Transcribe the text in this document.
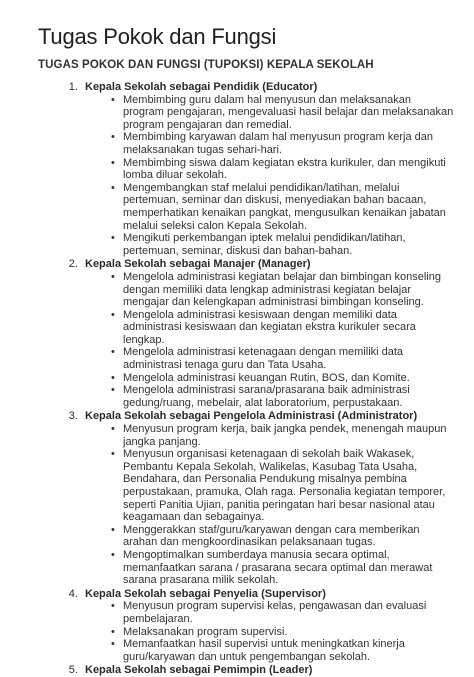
Tugas Pokok dan Fungsi
TUGAS POKOK DAN FUNGSI (TUPOKSI) KEPALA SEKOLAH
1. Kepala Sekolah sebagai Pendidik (Educator)
• Membimbing guru dalam hal menyusun dan melaksanakan program pengajaran, mengevaluasi hasil belajar dan melaksanakan program pengajaran dan remedial.
• Membimbing karyawan dalam hal menyusun program kerja dan melaksanakan tugas sehari-hari.
• Membimbing siswa dalam kegiatan ekstra kurikuler, dan mengikuti lomba diluar sekolah.
• Mengembangkan staf melalui pendidikan/latihan, melalui pertemuan, seminar dan diskusi, menyediakan bahan bacaan, memperhatikan kenaikan pangkat, mengusulkan kenaikan jabatan melalui seleksi calon Kepala Sekolah.
• Mengikuti perkembangan iptek melalui pendidikan/latihan, pertemuan, seminar, diskusi dan bahan-bahan.
2. Kepala Sekolah sebagai Manajer (Manager)
• Mengelola administrasi kegiatan belajar dan bimbingan konseling dengan memiliki data lengkap administrasi kegiatan belajar mengajar dan kelengkapan administrasi bimbingan konseling.
• Mengelola administrasi kesiswaan dengan memiliki data administrasi kesiswaan dan kegiatan ekstra kurikuler secara lengkap.
• Mengelola administrasi ketenagaan dengan memiliki data administrasi tenaga guru dan Tata Usaha.
• Mengelola administrasi keuangan Rutin, BOS, dan Komite.
• Mengelola administrasi sarana/prasarana baik administrasi gedung/ruang, mebelair, alat laboratorium, perpustakaan.
3. Kepala Sekolah sebagai Pengelola Administrasi (Administrator)
• Menyusun program kerja, baik jangka pendek, menengah maupun jangka panjang.
• Menyusun organisasi ketenagaan di sekolah baik Wakasek, Pembantu Kepala Sekolah, Walikelas, Kasubag Tata Usaha, Bendahara, dan Personalia Pendukung misalnya pembina perpustakaan, pramuka, Olah raga. Personalia kegiatan temporer, seperti Panitia Ujian, panitia peringatan hari besar nasional atau keagamaan dan sebagainya.
• Menggerakkan staf/guru/karyawan dengan cara memberikan arahan dan mengkoordinasikan pelaksanaan tugas.
• Mengoptimalkan sumberdaya manusia secara optimal, memanfaatkan sarana / prasarana secara optimal dan merawat sarana prasarana milik sekolah.
4. Kepala Sekolah sebagai Penyelia (Supervisor)
• Menyusun program supervisi kelas, pengawasan dan evaluasi pembelajaran.
• Melaksanakan program supervisi.
• Memanfaatkan hasil supervisi untuk meningkatkan kinerja guru/karyawan dan untuk pengembangan sekolah.
5. Kepala Sekolah sebagai Pemimpin (Leader)
